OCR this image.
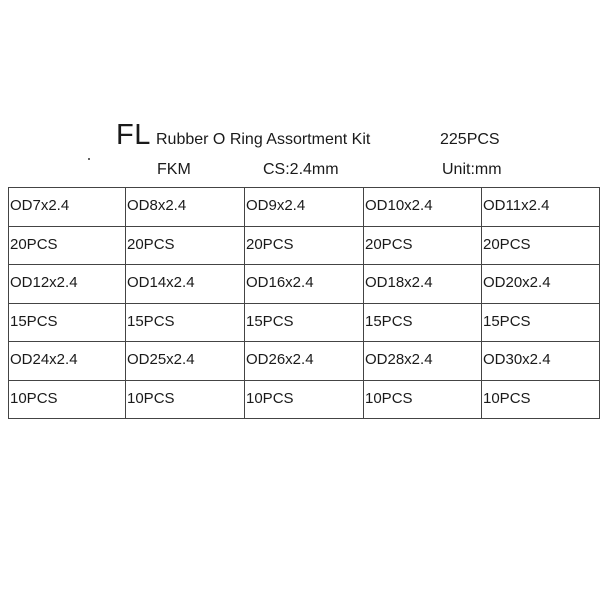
FL Rubber O Ring Assortment Kit	225PCS
FKM	CS:2.4mm	Unit:mm
OD7x2.4	OD8x2.4	OD9x2.4	OD10x2.4	OD11x2.4
20PCS	20PCS	20PCS	20PCS	20PCS
OD12x2.4	OD14x2.4	OD16x2.4	OD18x2.4	OD20x2.4
15PCS	15PCS	15PCS	15PCS	15PCS
OD24x2.4	OD25x2.4	OD26x2.4	OD28x2.4	OD30x2.4
10PCS	10PCS	10PCS	10PCS	10PCS
